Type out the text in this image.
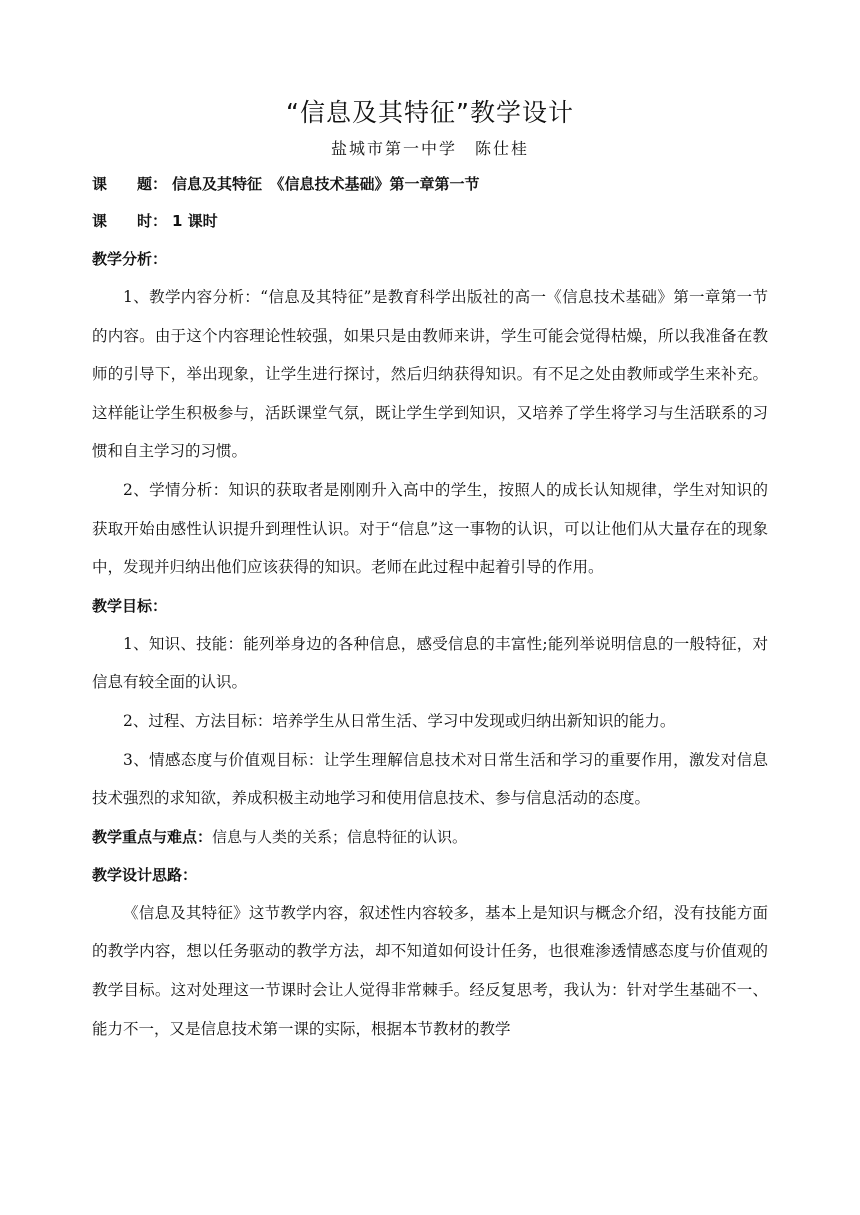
“信息及其特征”教学设计
盐城市第一中学　陈仕桂
课　　题： 信息及其特征　《信息技术基础》第一章第一节
课　　时： 1 课时
教学分析：

1、教学内容分析：“信息及其特征”是教育科学出版社的高一《信息技术基础》第一章第一节的内容。由于这个内容理论性较强，如果只是由教师来讲，学生可能会觉得枯燥，所以我准备在教师的引导下，举出现象，让学生进行探讨，然后归纳获得知识。有不足之处由教师或学生来补充。这样能让学生积极参与，活跃课堂气氛，既让学生学到知识，又培养了学生将学习与生活联系的习惯和自主学习的习惯。

2、学情分析：知识的获取者是刚刚升入高中的学生，按照人的成长认知规律，学生对知识的获取开始由感性认识提升到理性认识。对于“信息”这一事物的认识，可以让他们从大量存在的现象中，发现并归纳出他们应该获得的知识。老师在此过程中起着引导的作用。

教学目标：

1、知识、技能：能列举身边的各种信息，感受信息的丰富性;能列举说明信息的一般特征，对信息有较全面的认识。

2、过程、方法目标：培养学生从日常生活、学习中发现或归纳出新知识的能力。

3、情感态度与价值观目标：让学生理解信息技术对日常生活和学习的重要作用，激发对信息技术强烈的求知欲，养成积极主动地学习和使用信息技术、参与信息活动的态度。

教学重点与难点：信息与人类的关系；信息特征的认识。

教学设计思路：

《信息及其特征》这节教学内容，叙述性内容较多，基本上是知识与概念介绍，没有技能方面的教学内容，想以任务驱动的教学方法，却不知道如何设计任务，也很难渗透情感态度与价值观的教学目标。这对处理这一节课时会让人觉得非常棘手。经反复思考，我认为：针对学生基础不一、能力不一，又是信息技术第一课的实际，根据本节教材的教学
